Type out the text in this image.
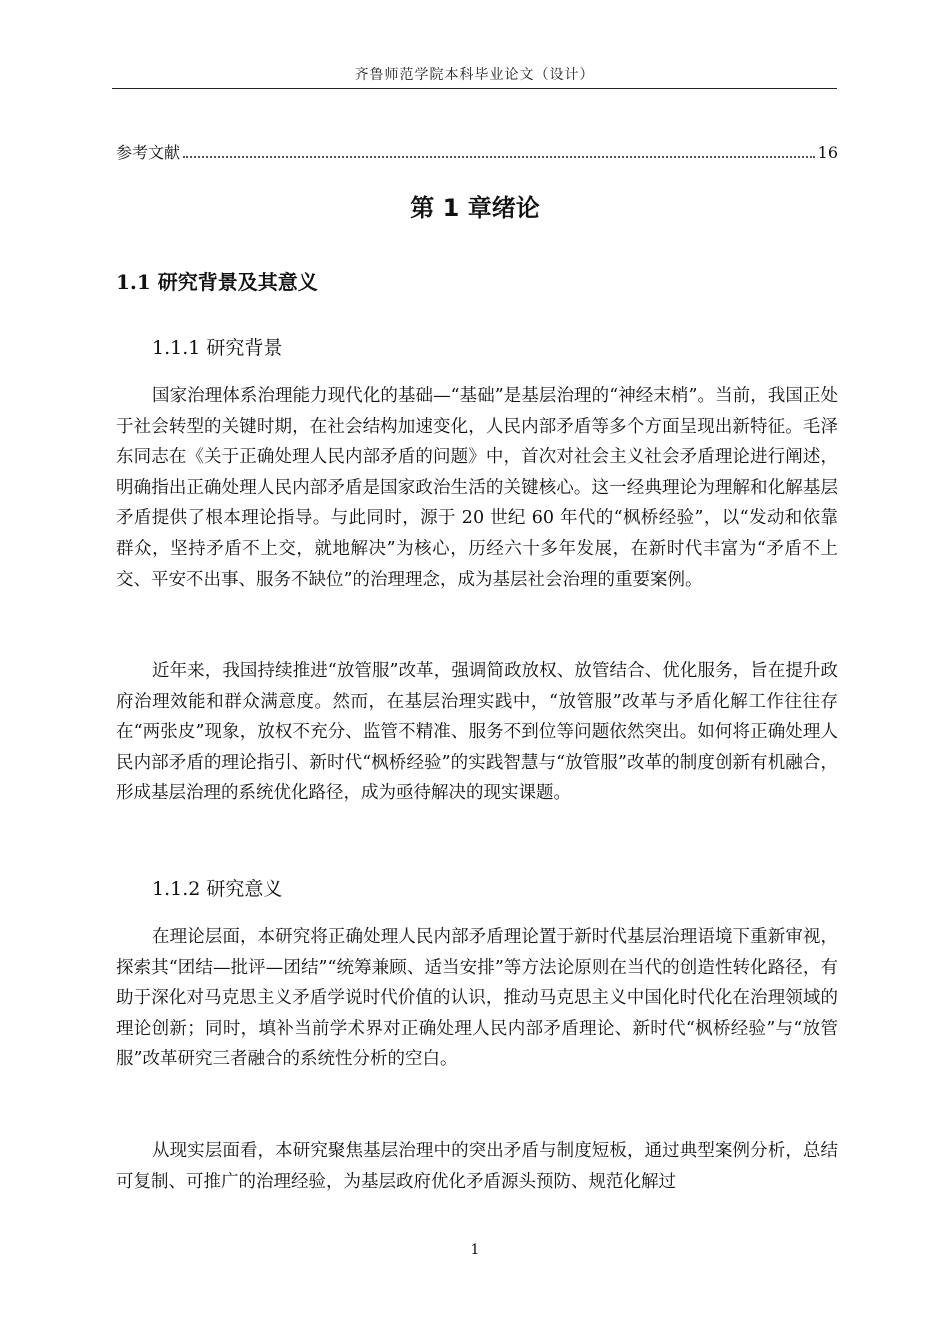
齐鲁师范学院本科毕业论文（设计）
参考文献	16
第 1 章绪论
1.1 研究背景及其意义
1.1.1 研究背景

国家治理体系治理能力现代化的基础—“基础”是基层治理的“神经末梢”。当前，我国正处于社会转型的关键时期，在社会结构加速变化，人民内部矛盾等多个方面呈现出新特征。毛泽东同志在《关于正确处理人民内部矛盾的问题》中，首次对社会主义社会矛盾理论进行阐述，明确指出正确处理人民内部矛盾是国家政治生活的关键核心。这一经典理论为理解和化解基层矛盾提供了根本理论指导。与此同时，源于 20 世纪 60 年代的“枫桥经验”，以“发动和依靠群众，坚持矛盾不上交，就地解决”为核心，历经六十多年发展，在新时代丰富为“矛盾不上交、平安不出事、服务不缺位”的治理理念，成为基层社会治理的重要案例。

近年来，我国持续推进“放管服”改革，强调简政放权、放管结合、优化服务，旨在提升政府治理效能和群众满意度。然而，在基层治理实践中，“放管服”改革与矛盾化解工作往往存在“两张皮”现象，放权不充分、监管不精准、服务不到位等问题依然突出。如何将正确处理人民内部矛盾的理论指引、新时代“枫桥经验”的实践智慧与“放管服”改革的制度创新有机融合，形成基层治理的系统优化路径，成为亟待解决的现实课题。

1.1.2 研究意义

在理论层面，本研究将正确处理人民内部矛盾理论置于新时代基层治理语境下重新审视，探索其“团结—批评—团结”“统筹兼顾、适当安排”等方法论原则在当代的创造性转化路径，有助于深化对马克思主义矛盾学说时代价值的认识，推动马克思主义中国化时代化在治理领域的理论创新；同时，填补当前学术界对正确处理人民内部矛盾理论、新时代“枫桥经验”与“放管服”改革研究三者融合的系统性分析的空白。

从现实层面看，本研究聚焦基层治理中的突出矛盾与制度短板，通过典型案例分析，总结可复制、可推广的治理经验，为基层政府优化矛盾源头预防、规范化解过

1
